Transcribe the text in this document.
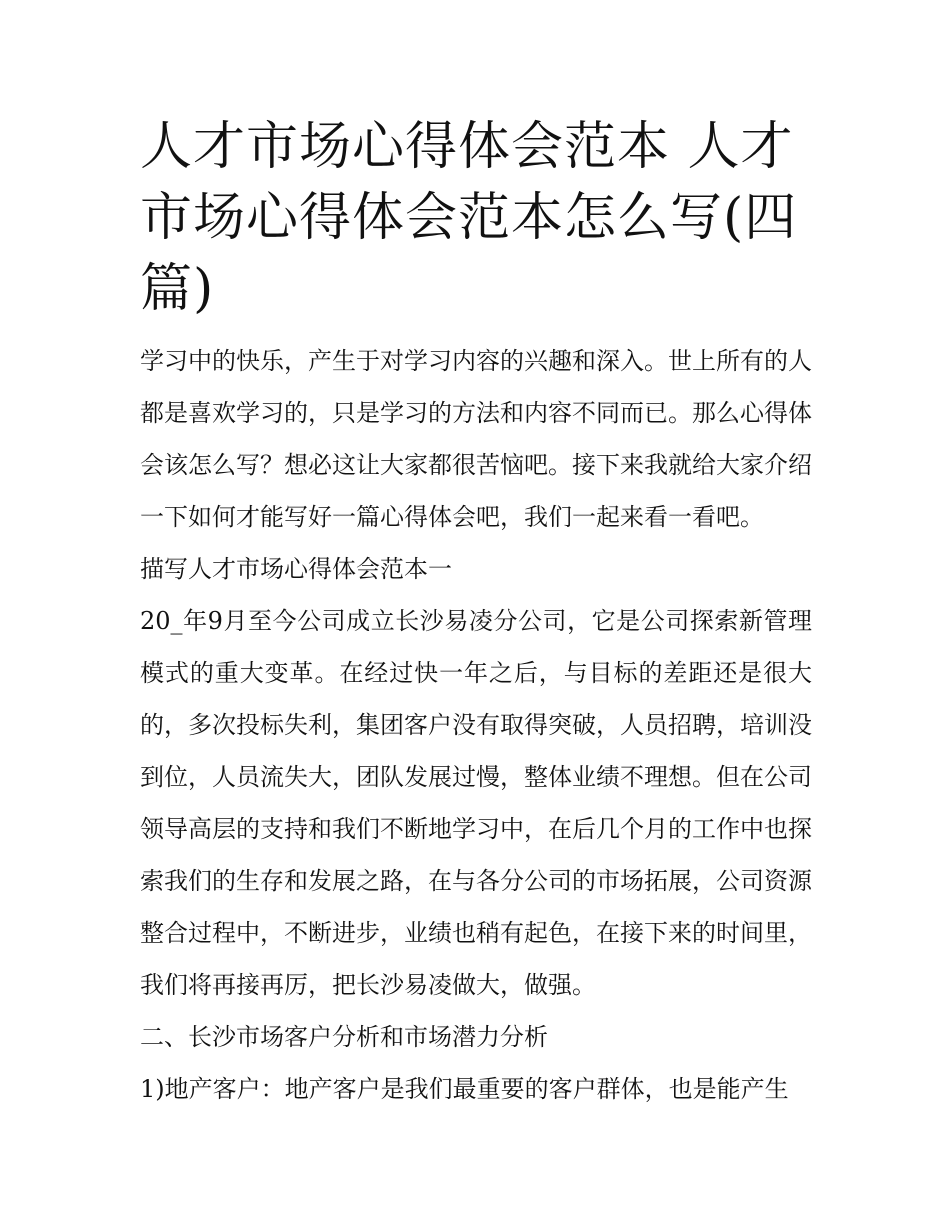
人才市场心得体会范本 人才市场心得体会范本怎么写(四篇)

学习中的快乐，产生于对学习内容的兴趣和深入。世上所有的人都是喜欢学习的，只是学习的方法和内容不同而已。那么心得体会该怎么写？想必这让大家都很苦恼吧。接下来我就给大家介绍一下如何才能写好一篇心得体会吧，我们一起来看一看吧。

描写人才市场心得体会范本一

20_年9月至今公司成立长沙易凌分公司，它是公司探索新管理模式的重大变革。在经过快一年之后，与目标的差距还是很大的，多次投标失利，集团客户没有取得突破，人员招聘，培训没到位，人员流失大，团队发展过慢，整体业绩不理想。但在公司领导高层的支持和我们不断地学习中，在后几个月的工作中也探索我们的生存和发展之路，在与各分公司的市场拓展，公司资源整合过程中，不断进步，业绩也稍有起色，在接下来的时间里，我们将再接再厉，把长沙易凌做大，做强。

二、长沙市场客户分析和市场潜力分析

1)地产客户：地产客户是我们最重要的客户群体，也是能产生
